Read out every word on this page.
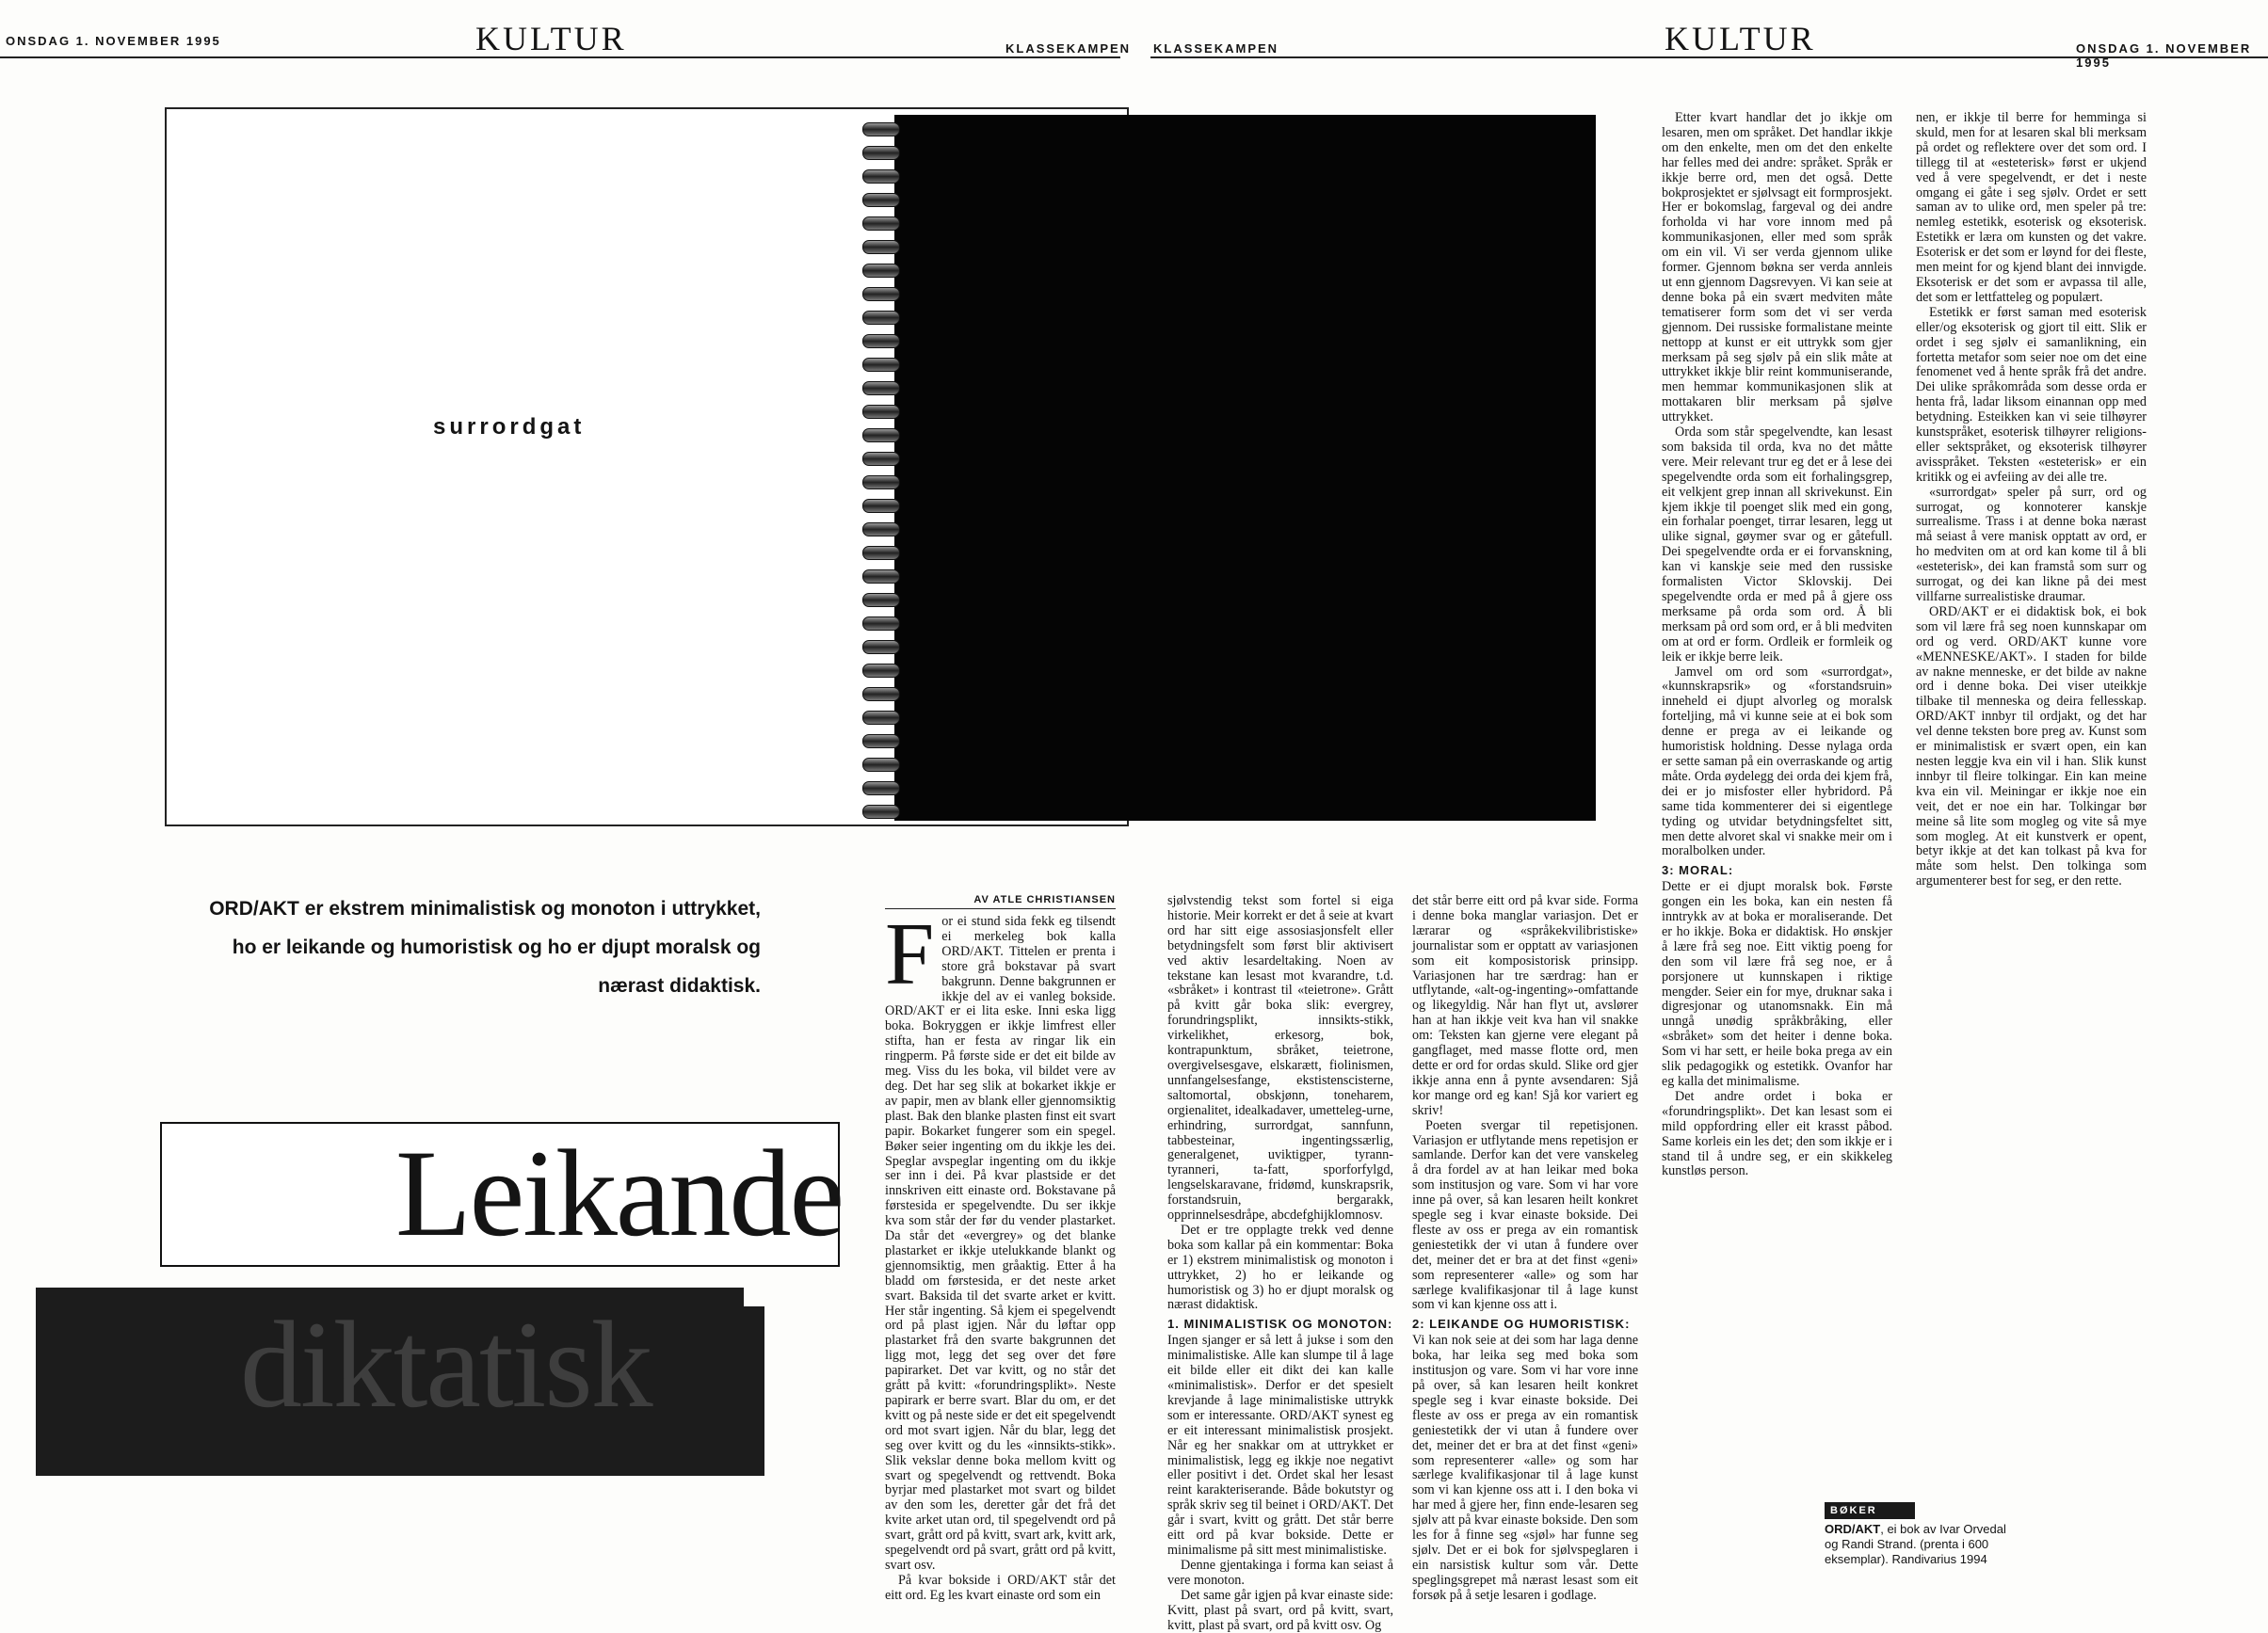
ONSDAG 1. NOVEMBER 1995	KULTUR	KLASSEKAMPEN KLASSEKAMPEN	KULTUR	ONSDAG 1. NOVEMBER 1995
surrordgat
ORD/AKT er ekstrem minimalistisk og monoton i uttrykket, ho er leikande og humoristisk og ho er djupt moralsk og nærast didaktisk.
Leikande
diktatisk
AV ATLE CHRISTIANSEN
F or ei stund sida fekk eg tilsendt ei merkeleg bok kalla ORD/AKT. Tittelen er prenta i store grå bokstavar på svart bakgrunn. Denne bakgrunnen er ikkje del av ei vanleg bokside. ORD/AKT er ei lita eske. Inni eska ligg boka. Bokryggen er ikkje limfrest eller stiftа, han er festa av ringar lik ein ringperm. På første side er det eit bilde av meg. Viss du les boka, vil bildet vere av deg. Det har seg slik at bokarket ikkje er av papir, men av blank eller gjennomsiktig plast. Bak den blanke plasten finst eit svart papir. Bokarket fungerer som ein spegel. Bøker seier ingenting om du ikkje les dei. Speglar avspeglar ingenting om du ikkje ser inn i dei. På kvar plastside er det innskriven eitt einaste ord. Bokstavane på førstesida er spegelvendte. Du ser ikkje kva som står der før du vender plastarket. Da står det «evergrey» og det blanke plastarket er ikkje utelukkande blankt og gjennomsiktig, men gråaktig. Etter å ha bladd om førstesida, er det neste arket svart. Baksida til det svarte arket er kvitt. Her står ingenting. Så kjem ei spegelvendt ord på plast igjen. Når du løftar opp plastarket frå den svarte bakgrunnen det ligg mot, legg det seg over det føre papirarket. Det var kvitt, og no står det grått på kvitt: «forundringsplikt». Neste papirark er berre svart. Blar du om, er det kvitt og på neste side er det eit spegelvendt ord mot svart igjen. Når du blar, legg det seg over kvitt og du les «innsikts-stikk». Slik vekslar denne boka mellom kvitt og svart og spegelvendt og rettvendt. Boka byrjar med plastarket mot svart og bildet av den som les, deretter går det frå det kvite arket utan ord, til spegelvendt ord på svart, grått ord på kvitt, svart ark, kvitt ark, spegelvendt ord på svart, grått ord på kvitt, svart osv.

På kvar bokside i ORD/AKT står det eitt ord. Eg les kvart einaste ord som ein

sjølvstendig tekst som fortel si eiga historie. Meir korrekt er det å seie at kvart ord har sitt eige assosiasjonsfelt eller betydningsfelt som først blir aktivisert ved aktiv lesardeltaking. Noen av tekstane kan lesast mot kvarandre, t.d. «sbråket» i kontrast til «teietrone». Grått på kvitt går boka slik: evergrey, forundringsplikt, innsikts-stikk, virkelikhet, erkesorg, bok, kontrapunktum, sbråket, teietrone, overgivelsesgave, elskarætt, fiolinismen, unnfangelsesfange, ekstistenscisterne, saltomortal, obskjønn, toneharem, orgienalitet, idealkadaver, umetteleg-urne, erhindring, surrordgat, sannfunn, tabbesteinar, ingentingssærlig, generalgenet, uviktigper, tyrann-tyranneri, ta-fatt, sporforfylgd, lengselskaravane, fridømd, kunskrapsrik, forstandsruin, bergarakk, opprinnelsesdråpe, abcdefghijklomnosv.

Det er tre opplagte trekk ved denne boka som kallar på ein kommentar: Boka er 1) ekstrem minimalistisk og monoton i uttrykket, 2) ho er leikande og humoristisk og 3) ho er djupt moralsk og nærast didaktisk.

1. MINIMALISTISK OG MONOTON:

Ingen sjanger er så lett å jukse i som den minimalistiske. Alle kan slumpe til å lage eit bilde eller eit dikt dei kan kalle «minimalistisk». Derfor er det spesielt krevjande å lage minimalistiske uttrykk som er interessante. ORD/AKT synest eg er eit interessant minimalistisk prosjekt. Når eg her snakkar om at uttrykket er minimalistisk, legg eg ikkje noe negativt eller positivt i det. Ordet skal her lesast reint karakteriserande. Både bokutstyr og språk skriv seg til beinet i ORD/AKT. Det går i svart, kvitt og grått. Det står berre eitt ord på kvar bokside. Dette er minimalisme på sitt mest minimalistiske.

Denne gjentakinga i forma kan seiast å vere monoton.

Det same går igjen på kvar einaste side: Kvitt, plast på svart, ord på kvitt, svart, kvitt, plast på svart, ord på kvitt osv. Og

det står berre eitt ord på kvar side. Forma i denne boka manglar variasjon. Det er lærarar og «språkekvilibristiske» journalistar som er opptatt av variasjonen som eit komposistorisk prinsipp. Variasjonen har tre særdrag: han er utflytande, «alt-og-ingenting»-omfattande og likegyldig. Når han flyt ut, avslører han at han ikkje veit kva han vil snakke om: Teksten kan gjerne vere elegant på gangflaget, med masse flotte ord, men dette er ord for ordas skuld. Slike ord gjer ikkje anna enn å pynte avsendaren: Sjå kor mange ord eg kan! Sjå kor variert eg skriv!

Poeten svergar til repetisjonen. Variasjon er utflytande mens repetisjon er samlande. Derfor kan det vere vanskeleg å dra fordel av at han leikar med boka som institusjon og vare. Som vi har vore inne på over, så kan lesaren heilt konkret spegle seg i kvar einaste bokside. Dei fleste av oss er prega av ein romantisk geniestetikk der vi utan å fundere over det, meiner det er bra at det finst «geni» som representerer «alle» og som har særlege kvalifikasjonar til å lage kunst som vi kan kjenne oss att i.

2: LEIKANDE OG HUMORISTISK:

Vi kan nok seie at dei som har laga denne boka, har leika seg med boka som institusjon og vare. Som vi har vore inne på over, så kan lesaren heilt konkret spegle seg i kvar einaste bokside. Dei fleste av oss er prega av ein romantisk geniestetikk der vi utan å fundere over det, meiner det er bra at det finst «geni» som representerer «alle» og som har særlege kvalifikasjonar til å lage kunst som vi kan kjenne oss att i. I den boka vi har med å gjere her, finn ende-lesaren seg sjølv att på kvar einaste bokside. Den som les for å finne seg «sjøl» har funne seg sjølv. Det er ei bok for sjølvspeglaren i ein narsistisk kultur som vår. Dette speglingsgrepet må nærast lesast som eit forsøk på å setje lesaren i godlage.

Etter kvart handlar det jo ikkje om lesaren, men om språket. Det handlar ikkje om den enkelte, men om det den enkelte har felles med dei andre: språket. Språk er ikkje berre ord, men det også. Dette bokprosjektet er sjølvsagt eit formprosjekt. Her er bokomslag, fargeval og dei andre forholda vi har vore innom med på kommunikasjonen, eller med som språk om ein vil. Vi ser verda gjennom ulike former. Gjennom bøkna ser verda annleis ut enn gjennom Dagsrevyen. Vi kan seie at denne boka på ein svært medviten måte tematiserer form som det vi ser verda gjennom. Dei russiske formalistane meinte nettopp at kunst er eit uttrykk som gjer merksam på seg sjølv på ein slik måte at uttrykket ikkje blir reint kommuniserande, men hemmar kommunikasjonen slik at mottakaren blir merksam på sjølve uttrykket.

Orda som står spegelvendte, kan lesast som baksida til orda, kva no det måtte vere. Meir relevant trur eg det er å lese dei spegelvendte orda som eit forhalingsgrep, eit velkjent grep innan all skrivekunst. Ein kjem ikkje til poenget slik med ein gong, ein forhalar poenget, tirrar lesaren, legg ut ulike signal, gøymer svar og er gåtefull. Dei spegelvendte orda er ei forvanskning, kan vi kanskje seie med den russiske formalisten Victor Sklovskij. Dei spegelvendte orda er med på å gjere oss merksame på orda som ord. Å bli merksam på ord som ord, er å bli medviten om at ord er form. Ordleik er formleik og leik er ikkje berre leik.

Jamvel om ord som «surrordgat», «kunnskrapsrik» og «forstandsruin» inneheld ei djupt alvorleg og moralsk forteljing, må vi kunne seie at ei bok som denne er prega av ei leikande og humoristisk holdning. Desse nylaga orda er sette saman på ein overraskande og artig måte. Orda øydelegg dei orda dei kjem frå, dei er jo misfoster eller hybridord. På same tida kommenterer dei si eigentlege tyding og utvidar betydningsfeltet sitt, men dette alvoret skal vi snakke meir om i moralbolken under.

3: MORAL:

Dette er ei djupt moralsk bok. Første gongen ein les boka, kan ein nesten få inntrykk av at boka er moraliserande. Det er ho ikkje. Boka er didaktisk. Ho ønskjer å lære frå seg noe. Eitt viktig poeng for den som vil lære frå seg noe, er å porsjonere ut kunnskapen i riktige mengder. Seier ein for mye, druknar saka i digresjonar og utanomsnakk. Ein må unngå unødig språkbråking, eller «sbråket» som det heiter i denne boka. Som vi har sett, er heile boka prega av ein slik pedagogikk og estetikk. Ovanfor har eg kalla det minimalisme.

Det andre ordet i boka er «forundringsplikt». Det kan lesast som ei mild oppfordring eller eit krasst påbod. Same korleis ein les det; den som ikkje er i stand til å undre seg, er ein skikkeleg kunstløs person.

nen, er ikkje til berre for hemminga si skuld, men for at lesaren skal bli merksam på ordet og reflektere over det som ord. I tillegg til at «esteterisk» først er ukjend ved å vere spegelvendt, er det i neste omgang ei gåte i seg sjølv. Ordet er sett saman av to ulike ord, men speler på tre: nemleg estetikk, esoterisk og eksoterisk. Estetikk er læra om kunsten og det vakre. Esoterisk er det som er løynd for dei fleste, men meint for og kjend blant dei innvigde. Eksoterisk er det som er avpassa til alle, det som er lettfatteleg og populært.

Estetikk er først saman med esoterisk eller/og eksoterisk og gjort til eitt. Slik er ordet i seg sjølv ei samanlikning, ein fortetta metafor som seier noe om det eine fenomenet ved å hente språk frå det andre. Dei ulike språkområda som desse orda er henta frå, ladar liksom einannan opp med betydning. Esteikken kan vi seie tilhøyrer kunstspråket, esoterisk tilhøyrer religions- eller sektspråket, og eksoterisk tilhøyrer avisspråket. Teksten «esteterisk» er ein kritikk og ei avfeiing av dei alle tre.

«surrordgat» speler på surr, ord og surrogat, og konnoterer kanskje surrealisme. Trass i at denne boka nærast må seiast å vere manisk opptatt av ord, er ho medviten om at ord kan kome til å bli «esteterisk», dei kan framstå som surr og surrogat, og dei kan likne på dei mest villfarne surrealistiske draumar.

ORD/AKT er ei didaktisk bok, ei bok som vil lære frå seg noen kunnskapar om ord og verd. ORD/AKT kunne vore «MENNESKE/AKT». I staden for bilde av nakne menneske, er det bilde av nakne ord i denne boka. Dei viser uteikkje tilbake til menneska og deira fellesskap. ORD/AKT innbyr til ordjakt, og det har vel denne teksten bore preg av. Kunst som er minimalistisk er svært open, ein kan nesten leggje kva ein vil i han. Slik kunst innbyr til fleire tolkingar. Ein kan meine kva ein vil. Meiningar er ikkje noe ein veit, det er noe ein har. Tolkingar bør meine så lite som mogleg og vite så mye som mogleg. At eit kunstverk er opent, betyr ikkje at det kan tolkast på kva for måte som helst. Den tolkinga som argumenterer best for seg, er den rette.

BØKER
ORD/AKT, ei bok av Ivar Orvedal og Randi Strand. (prenta i 600 eksemplar). Randivarius 1994
